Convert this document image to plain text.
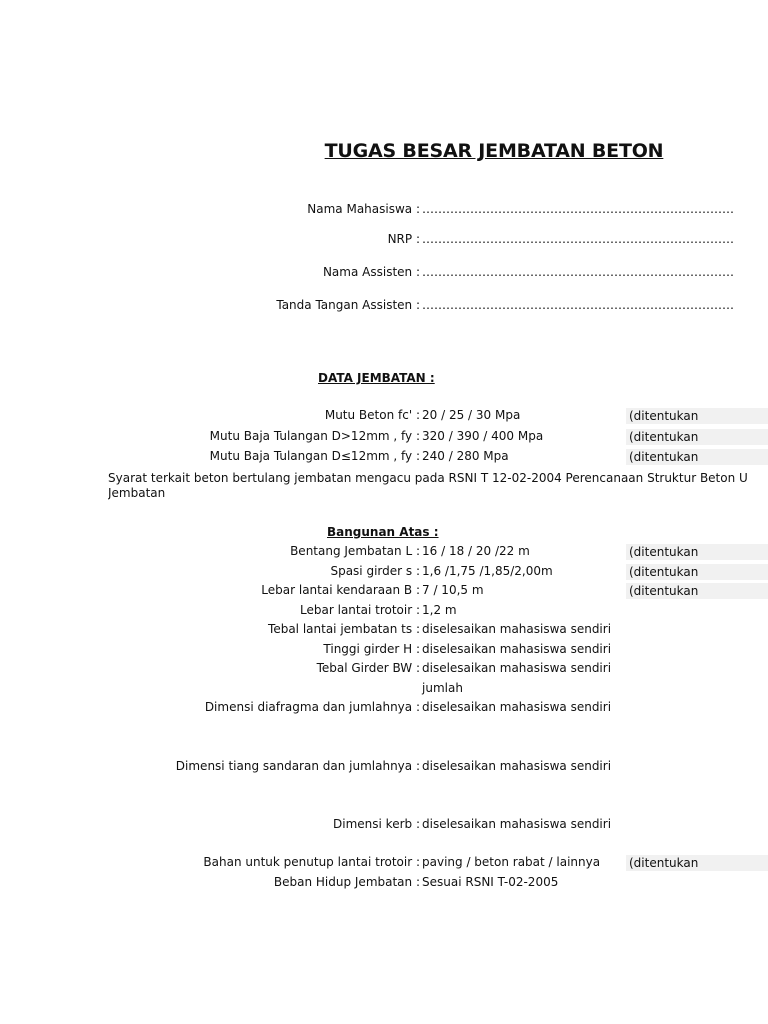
TUGAS BESAR JEMBATAN BETON
Nama Mahasiswa : ……………………………………………………………………
NRP : ……………………………………………………………………
Nama Assisten : ……………………………………………………………………
Tanda Tangan Assisten : ……………………………………………………………………
DATA JEMBATAN :
Mutu Beton fc' : 20 / 25 / 30 Mpa	(ditentukan
Mutu Baja Tulangan D>12mm , fy : 320 / 390 / 400 Mpa	(ditentukan
Mutu Baja Tulangan D≤12mm , fy : 240 / 280 Mpa	(ditentukan
Syarat terkait beton bertulang jembatan mengacu pada RSNI T 12-02-2004 Perencanaan Struktur Beton U
Jembatan
Bangunan Atas :
Bentang Jembatan L : 16 / 18 / 20 /22 m	(ditentukan
Spasi girder s : 1,6 /1,75 /1,85/2,00m	(ditentukan
Lebar lantai kendaraan B : 7 / 10,5 m	(ditentukan
Lebar lantai trotoir : 1,2 m
Tebal lantai jembatan ts : diselesaikan mahasiswa sendiri
Tinggi girder H : diselesaikan mahasiswa sendiri
Tebal Girder BW : diselesaikan mahasiswa sendiri
jumlah
Dimensi diafragma dan jumlahnya : diselesaikan mahasiswa sendiri
Dimensi tiang sandaran dan jumlahnya : diselesaikan mahasiswa sendiri
Dimensi kerb : diselesaikan mahasiswa sendiri
Bahan untuk penutup lantai trotoir : paving / beton rabat / lainnya (ditentukan
Beban Hidup Jembatan : Sesuai RSNI T-02-2005
